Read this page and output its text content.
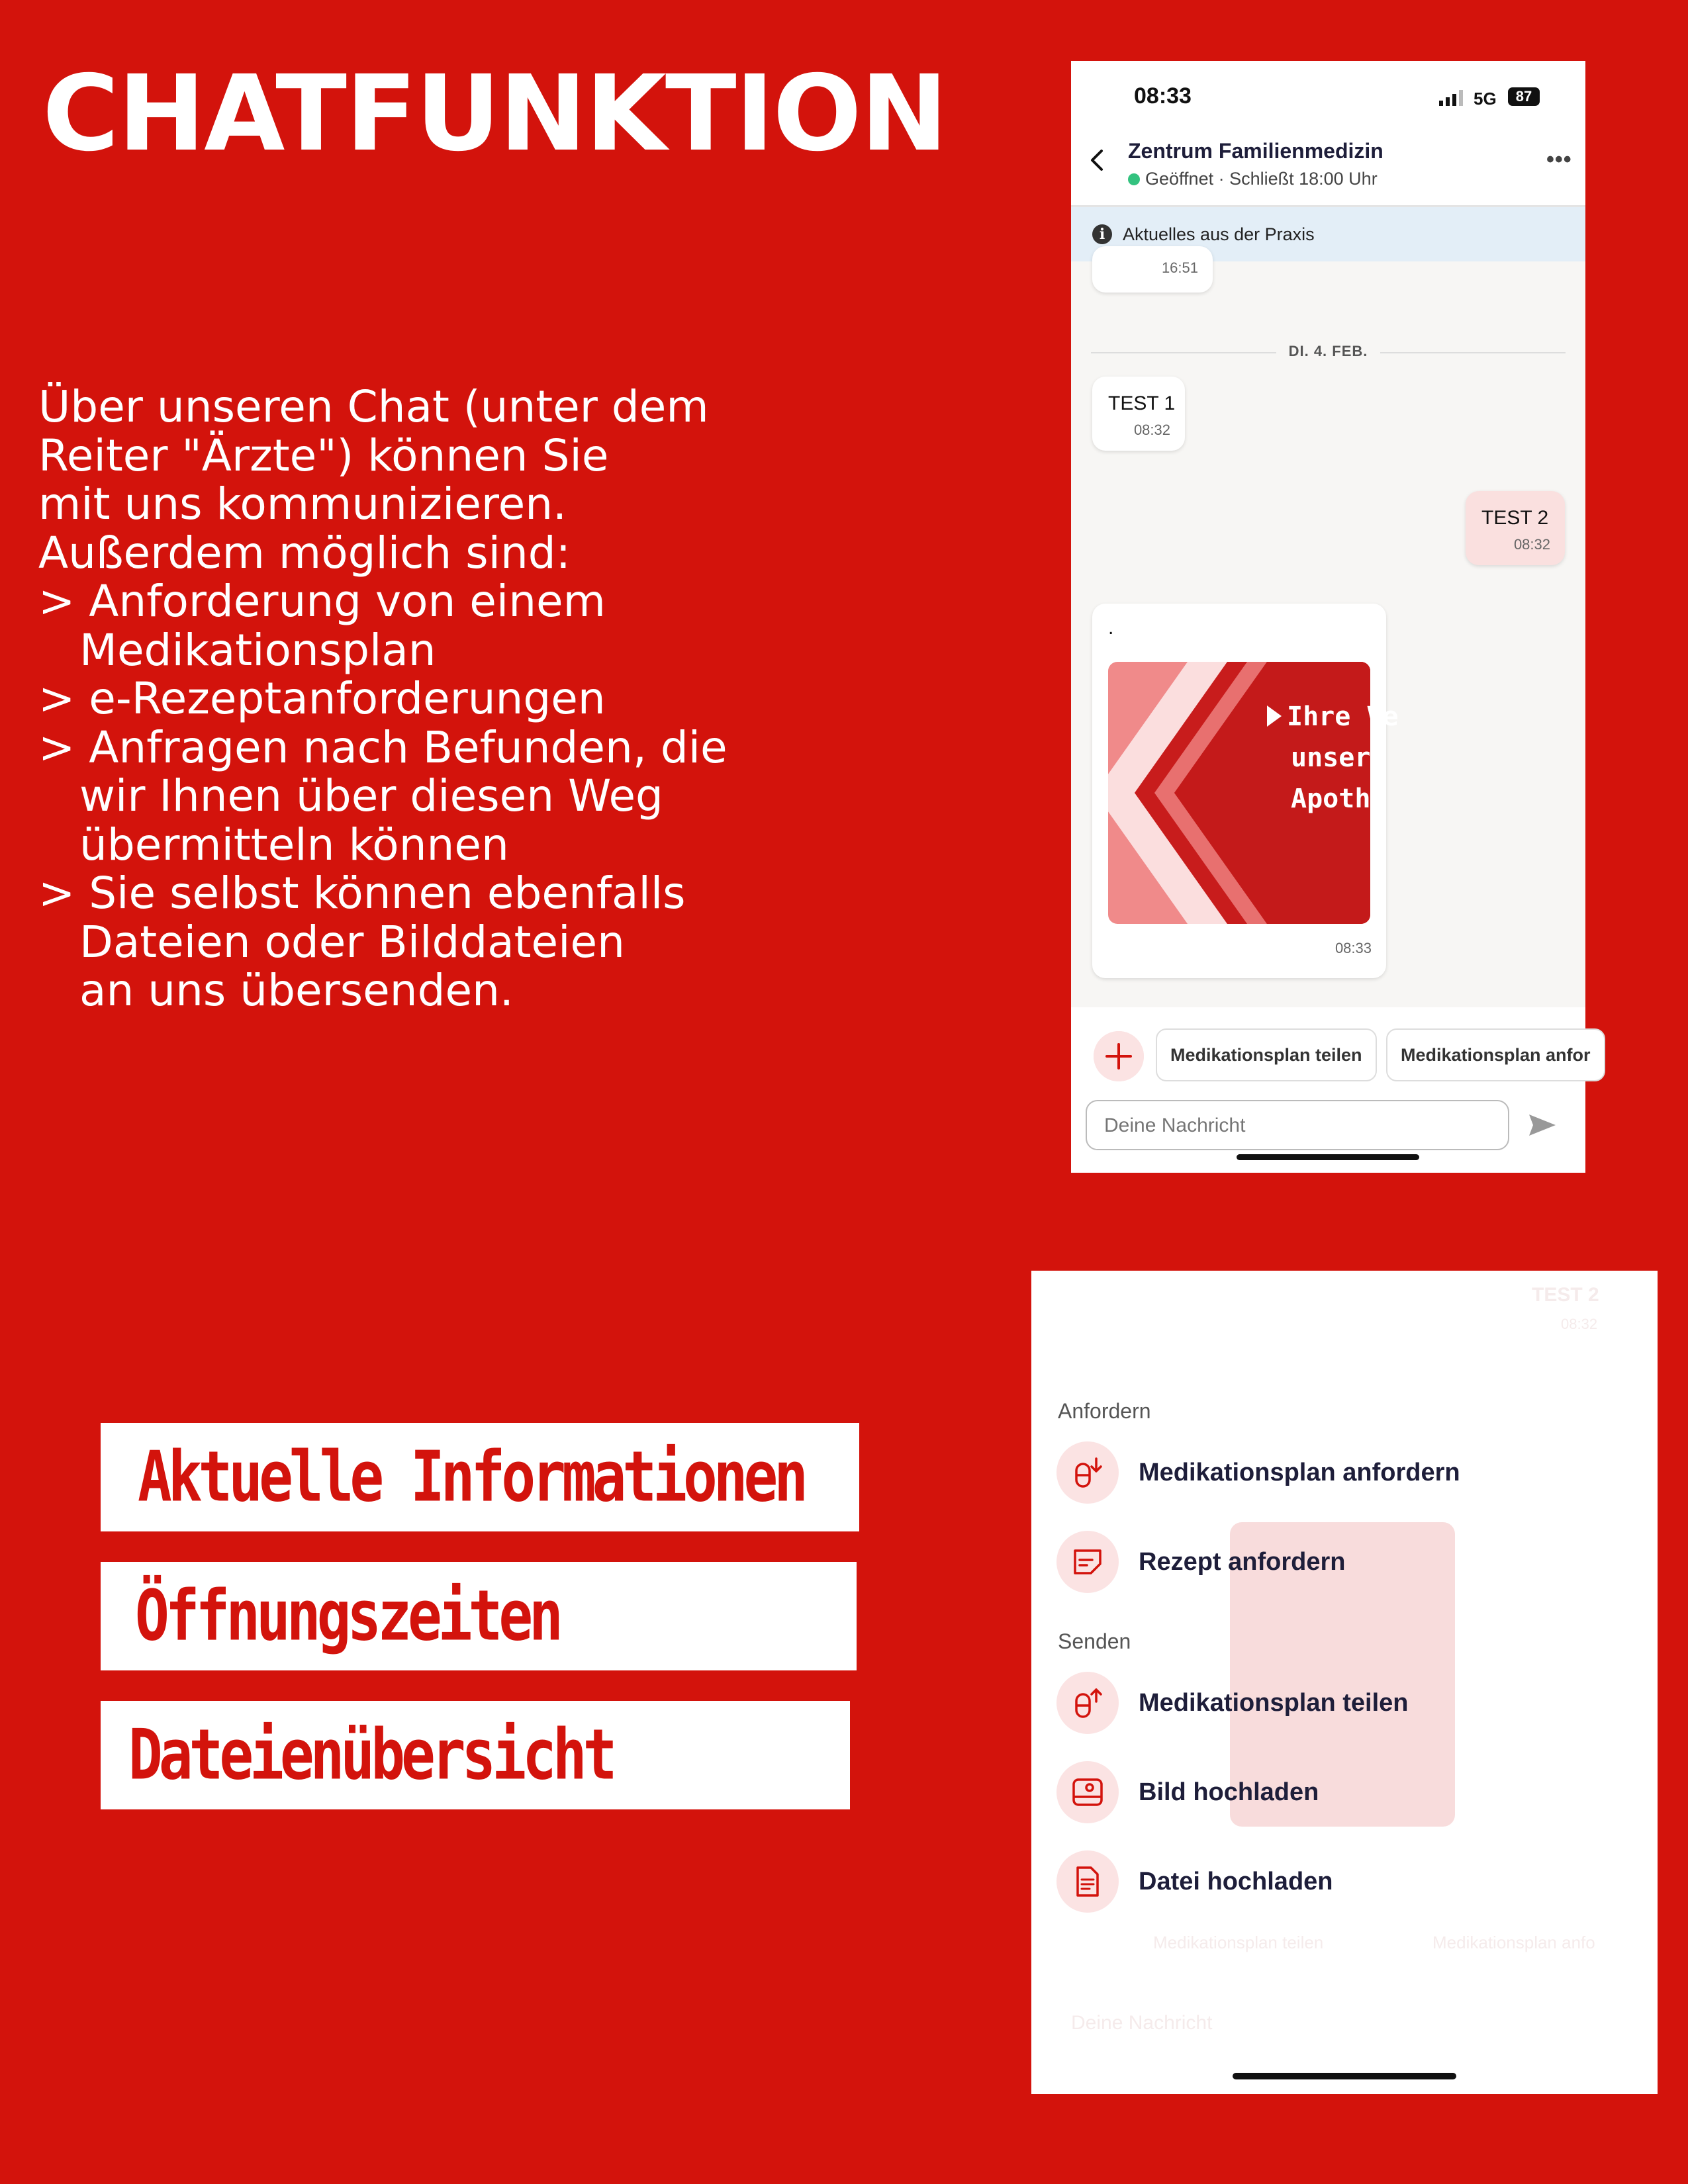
CHATFUNKTION
Über unseren Chat (unter dem
Reiter "Ärzte") können Sie
mit uns kommunizieren.
Außerdem möglich sind:
> Anforderung von einem
Medikationsplan
> e-Rezeptanforderungen
> Anfragen nach Befunden, die
wir Ihnen über diesen Weg
übermitteln können
> Sie selbst können ebenfalls
Dateien oder Bilddateien
an uns übersenden.
Aktuelle Informationen
Öffnungszeiten
Dateienübersicht
08:33	5G	87
Zentrum Familienmedizin
Geöffnet · Schließt 18:00 Uhr
•••
i Aktuelles aus der Praxis
16:51
DI. 4. FEB.
TEST 1
08:32
TEST 2
08:32
.
Ihre Ve
unsere
Apothe
08:33
Medikationsplan teilen	Medikationsplan anfor
Deine Nachricht
TEST 2
08:32
Medikationsplan teilen	Medikationsplan anfo
Deine Nachricht
Anfordern
Medikationsplan anfordern
Rezept anfordern
Senden
Medikationsplan teilen
Bild hochladen
Datei hochladen
